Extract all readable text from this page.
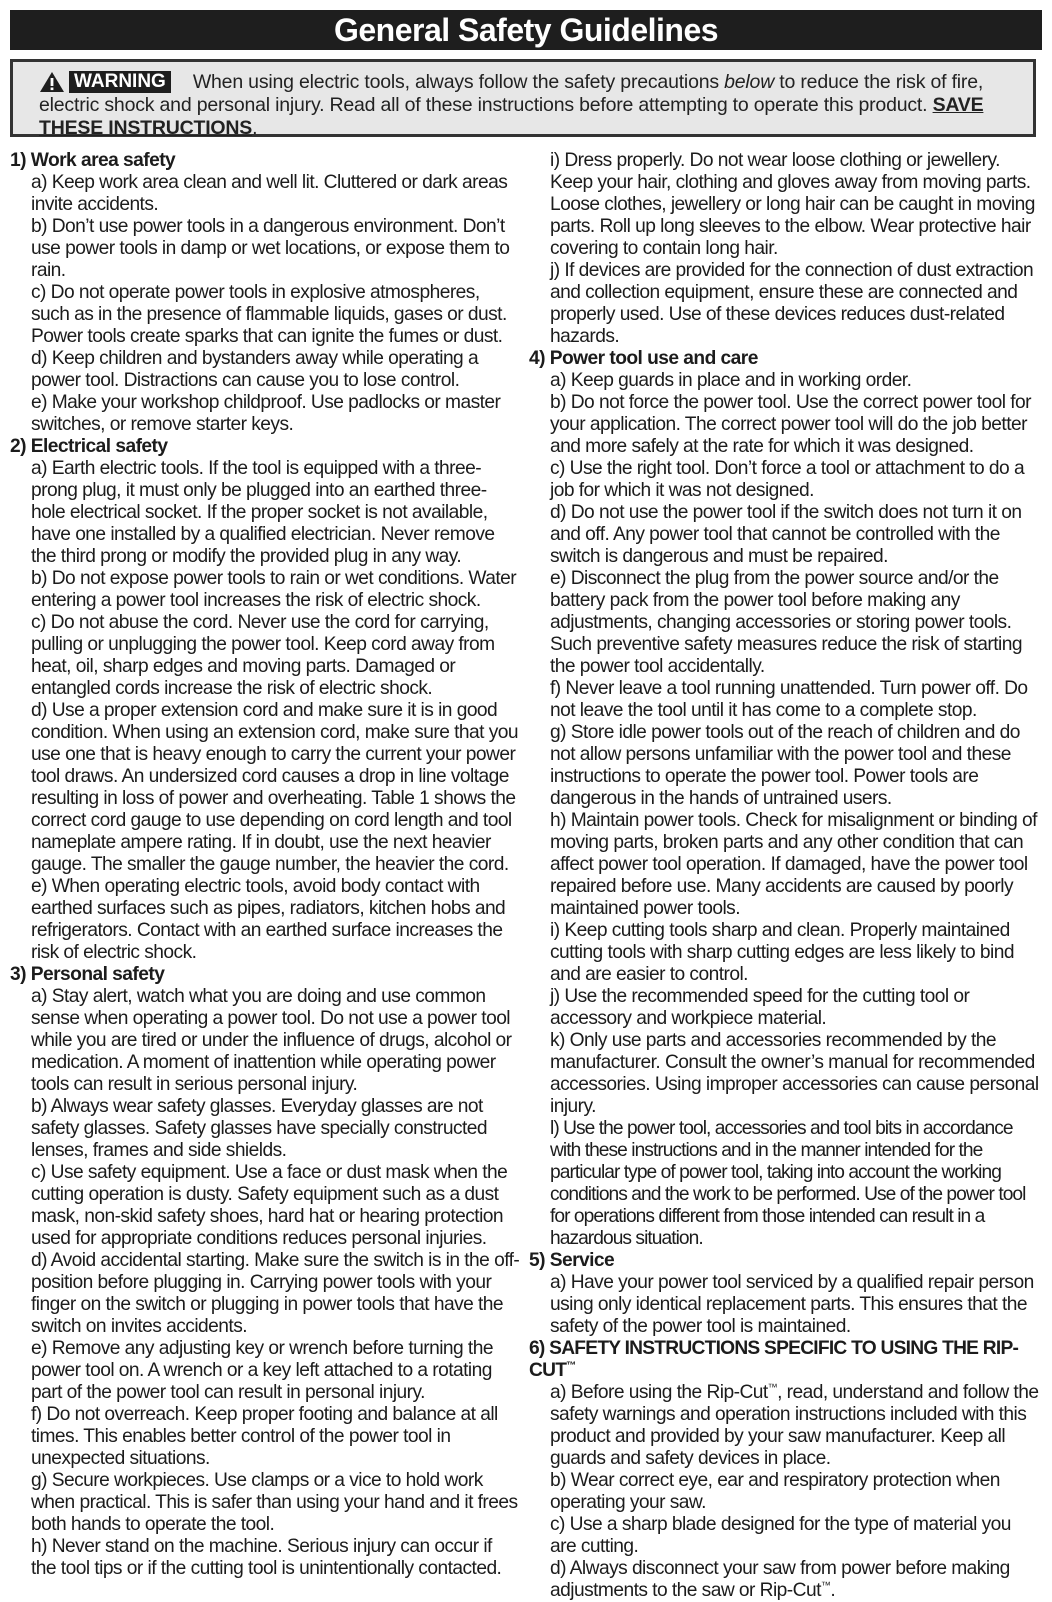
General Safety Guidelines
WARNING When using electric tools, always follow the safety precautions below to reduce the risk of fire, electric shock and personal injury. Read all of these instructions before attempting to operate this product. SAVE THESE INSTRUCTIONS.
1) Work area safety
a) Keep work area clean and well lit. Cluttered or dark areas invite accidents.
b) Don’t use power tools in a dangerous environment. Don’t use power tools in damp or wet locations, or expose them to rain.
c) Do not operate power tools in explosive atmospheres, such as in the presence of flammable liquids, gases or dust. Power tools create sparks that can ignite the fumes or dust.
d) Keep children and bystanders away while operating a power tool. Distractions can cause you to lose control.
e) Make your workshop childproof. Use padlocks or master switches, or remove starter keys.
2) Electrical safety
a) Earth electric tools. If the tool is equipped with a three-prong plug, it must only be plugged into an earthed three-hole electrical socket. If the proper socket is not available, have one installed by a qualified electrician. Never remove the third prong or modify the provided plug in any way.
b) Do not expose power tools to rain or wet conditions. Water entering a power tool increases the risk of electric shock.
c) Do not abuse the cord. Never use the cord for carrying, pulling or unplugging the power tool. Keep cord away from heat, oil, sharp edges and moving parts. Damaged or entangled cords increase the risk of electric shock.
d) Use a proper extension cord and make sure it is in good condition. When using an extension cord, make sure that you use one that is heavy enough to carry the current your power tool draws. An undersized cord causes a drop in line voltage resulting in loss of power and overheating. Table 1 shows the correct cord gauge to use depending on cord length and tool nameplate ampere rating. If in doubt, use the next heavier gauge. The smaller the gauge number, the heavier the cord.
e) When operating electric tools, avoid body contact with earthed surfaces such as pipes, radiators, kitchen hobs and refrigerators. Contact with an earthed surface increases the risk of electric shock.
3) Personal safety
a) Stay alert, watch what you are doing and use common sense when operating a power tool. Do not use a power tool while you are tired or under the influence of drugs, alcohol or medication. A moment of inattention while operating power tools can result in serious personal injury.
b) Always wear safety glasses. Everyday glasses are not safety glasses. Safety glasses have specially constructed lenses, frames and side shields.
c) Use safety equipment. Use a face or dust mask when the cutting operation is dusty. Safety equipment such as a dust mask, non-skid safety shoes, hard hat or hearing protection used for appropriate conditions reduces personal injuries.
d) Avoid accidental starting. Make sure the switch is in the off-position before plugging in. Carrying power tools with your finger on the switch or plugging in power tools that have the switch on invites accidents.
e) Remove any adjusting key or wrench before turning the power tool on. A wrench or a key left attached to a rotating part of the power tool can result in personal injury.
f) Do not overreach. Keep proper footing and balance at all times. This enables better control of the power tool in unexpected situations.
g) Secure workpieces. Use clamps or a vice to hold work when practical. This is safer than using your hand and it frees both hands to operate the tool.
h) Never stand on the machine. Serious injury can occur if the tool tips or if the cutting tool is unintentionally contacted.
i) Dress properly. Do not wear loose clothing or jewellery. Keep your hair, clothing and gloves away from moving parts. Loose clothes, jewellery or long hair can be caught in moving parts. Roll up long sleeves to the elbow. Wear protective hair covering to contain long hair.
j) If devices are provided for the connection of dust extraction and collection equipment, ensure these are connected and properly used. Use of these devices reduces dust-related hazards.
4) Power tool use and care
a) Keep guards in place and in working order.
b) Do not force the power tool. Use the correct power tool for your application. The correct power tool will do the job better and more safely at the rate for which it was designed.
c) Use the right tool. Don’t force a tool or attachment to do a job for which it was not designed.
d) Do not use the power tool if the switch does not turn it on and off. Any power tool that cannot be controlled with the switch is dangerous and must be repaired.
e) Disconnect the plug from the power source and/or the battery pack from the power tool before making any adjustments, changing accessories or storing power tools. Such preventive safety measures reduce the risk of starting the power tool accidentally.
f) Never leave a tool running unattended. Turn power off. Do not leave the tool until it has come to a complete stop.
g) Store idle power tools out of the reach of children and do not allow persons unfamiliar with the power tool and these instructions to operate the power tool. Power tools are dangerous in the hands of untrained users.
h) Maintain power tools. Check for misalignment or binding of moving parts, broken parts and any other condition that can affect power tool operation. If damaged, have the power tool repaired before use. Many accidents are caused by poorly maintained power tools.
i) Keep cutting tools sharp and clean. Properly maintained cutting tools with sharp cutting edges are less likely to bind and are easier to control.
j) Use the recommended speed for the cutting tool or accessory and workpiece material.
k) Only use parts and accessories recommended by the manufacturer. Consult the owner’s manual for recommended accessories. Using improper accessories can cause personal injury.
l) Use the power tool, accessories and tool bits in accordance with these instructions and in the manner intended for the particular type of power tool, taking into account the working conditions and the work to be performed. Use of the power tool for operations different from those intended can result in a hazardous situation.
5) Service
a) Have your power tool serviced by a qualified repair person using only identical replacement parts. This ensures that the safety of the power tool is maintained.
6) SAFETY INSTRUCTIONS SPECIFIC TO USING THE RIP-CUT™
a) Before using the Rip-Cut™, read, understand and follow the safety warnings and operation instructions included with this product and provided by your saw manufacturer. Keep all guards and safety devices in place.
b) Wear correct eye, ear and respiratory protection when operating your saw.
c) Use a sharp blade designed for the type of material you are cutting.
d) Always disconnect your saw from power before making adjustments to the saw or Rip-Cut™.
